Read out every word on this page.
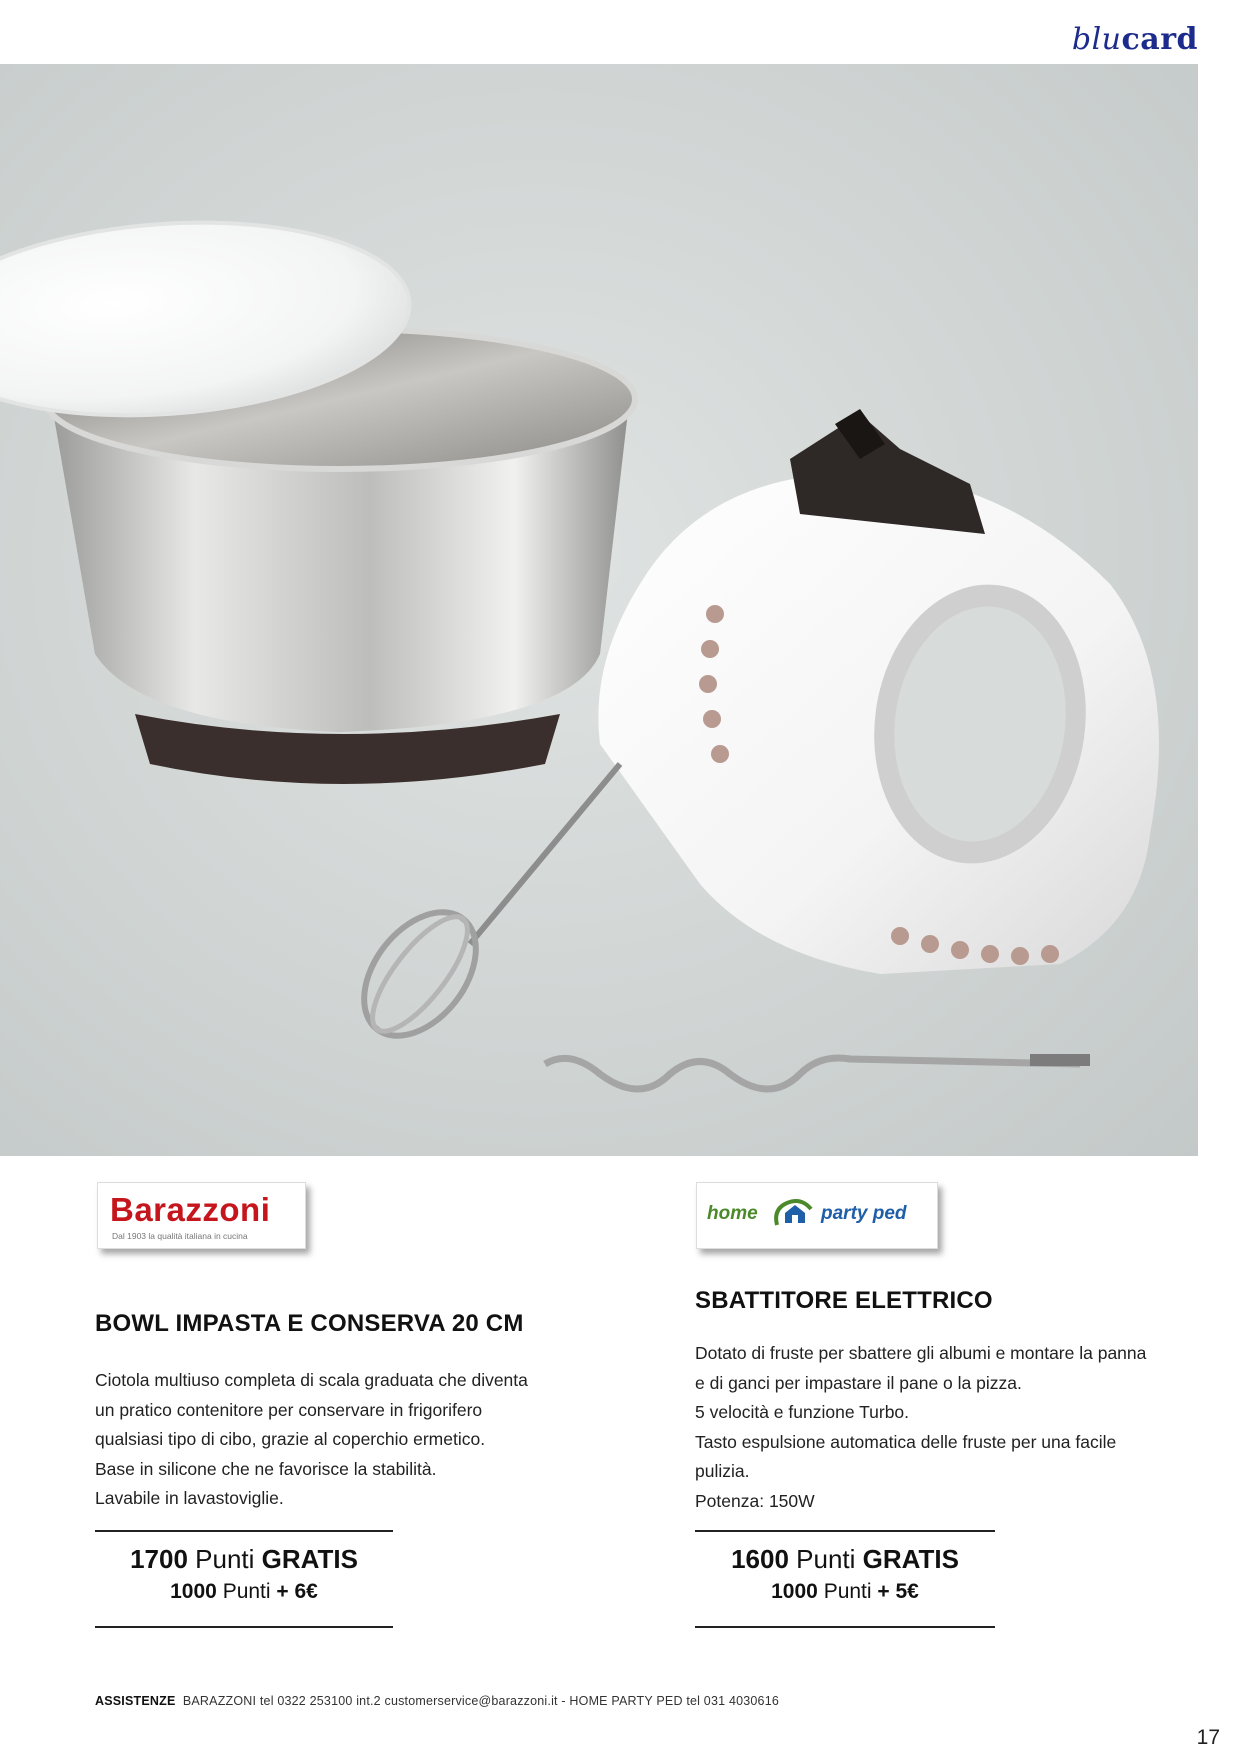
blucard
Barazzoni
Dal 1903 la qualità italiana in cucina
home	party ped
BOWL IMPASTA E CONSERVA 20 CM
Ciotola multiuso completa di scala graduata che diventa
un pratico contenitore per conservare in frigorifero
qualsiasi tipo di cibo, grazie al coperchio ermetico.
Base in silicone che ne favorisce la stabilità.
Lavabile in lavastoviglie.
1700 Punti GRATIS
1000 Punti + 6€
SBATTITORE ELETTRICO
Dotato di fruste per sbattere gli albumi e montare la panna
e di ganci per impastare il pane o la pizza.
5 velocità e funzione Turbo.
Tasto espulsione automatica delle fruste per una facile
pulizia.
Potenza: 150W
1600 Punti GRATIS
1000 Punti + 5€
ASSISTENZE BARAZZONI tel 0322 253100 int.2 customerservice@barazzoni.it - HOME PARTY PED tel 031 4030616
17
